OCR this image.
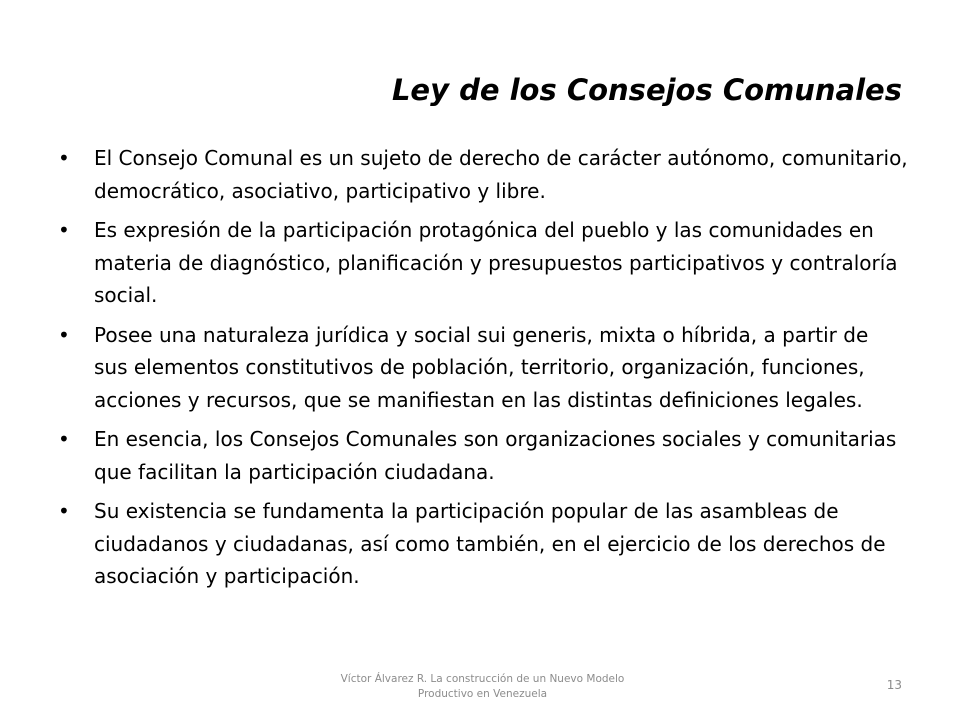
Ley de los Consejos Comunales
•	El Consejo Comunal es un sujeto de derecho de carácter autónomo, comunitario, democrático, asociativo, participativo y libre.
•	Es expresión de la participación protagónica del pueblo y las comunidades en materia de diagnóstico, planificación y presupuestos participativos y contraloría social.
•	Posee una naturaleza jurídica y social sui generis, mixta o híbrida, a partir de sus elementos constitutivos de población, territorio, organización, funciones, acciones y recursos, que se manifiestan en las distintas definiciones legales.
•	En esencia, los Consejos Comunales son organizaciones sociales y comunitarias que facilitan la participación ciudadana.
•	Su existencia se fundamenta la participación popular de las asambleas de ciudadanos y ciudadanas, así como también, en el ejercicio de los derechos de asociación y participación.
Víctor Álvarez R. La construcción de un Nuevo Modelo Productivo en Venezuela
13
